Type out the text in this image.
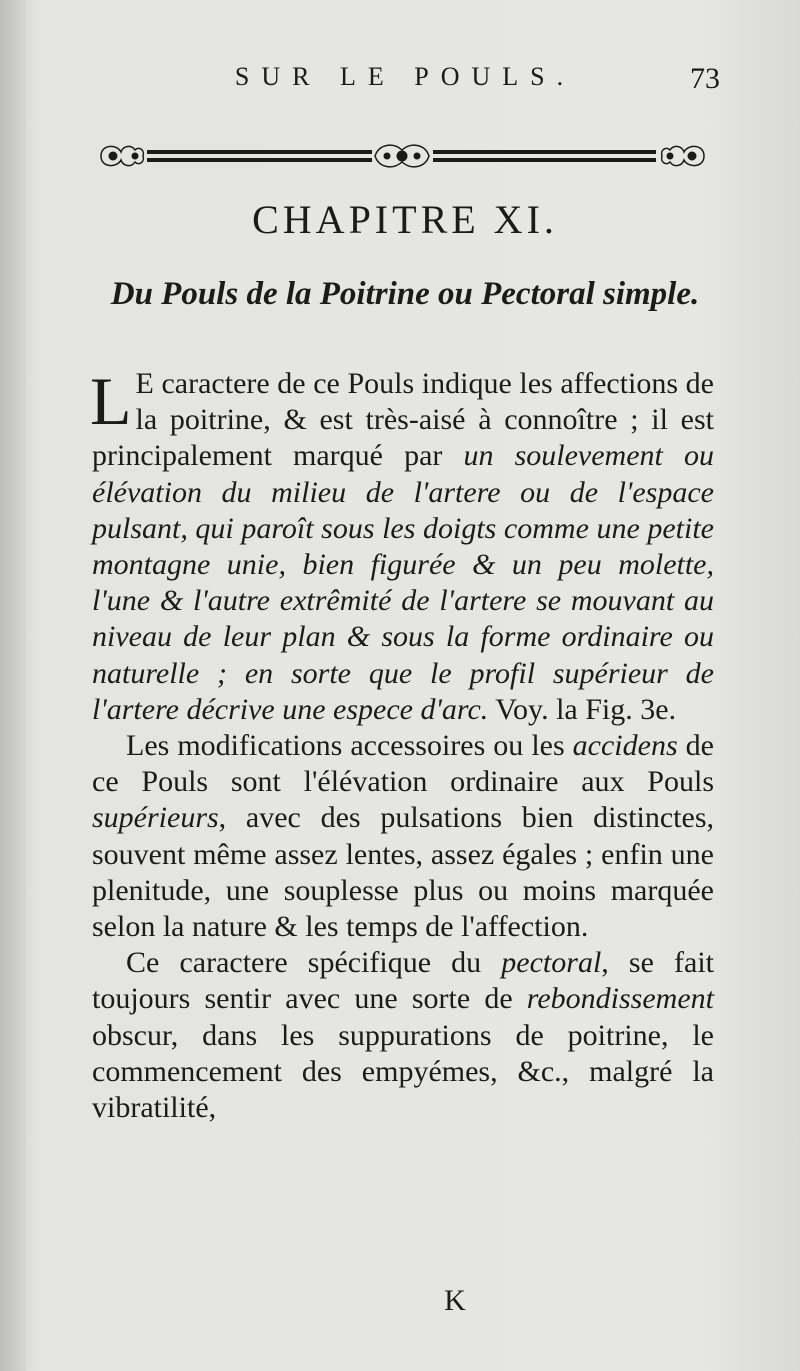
SUR LE POULS.	73
CHAPITRE XI.
Du Pouls de la Poitrine ou Pectoral simple.

L E caractere de ce Pouls indique les affections de la poitrine, & est très-aisé à connoître ; il est principalement marqué par un soulevement ou élévation du milieu de l'artere ou de l'espace pulsant, qui paroît sous les doigts comme une petite montagne unie, bien figurée & un peu molette, l'une & l'autre extrêmité de l'artere se mouvant au niveau de leur plan & sous la forme ordinaire ou naturelle ; en sorte que le profil supérieur de l'artere décrive une espece d'arc. Voy. la Fig. 3e.

Les modifications accessoires ou les accidens de ce Pouls sont l'élévation ordinaire aux Pouls supérieurs, avec des pulsations bien distinctes, souvent même assez lentes, assez égales ; enfin une plenitude, une souplesse plus ou moins marquée selon la nature & les temps de l'affection.

Ce caractere spécifique du pectoral, se fait toujours sentir avec une sorte de rebondissement obscur, dans les suppurations de poitrine, le commencement des empyémes, &c., malgré la vibratilité,

K
